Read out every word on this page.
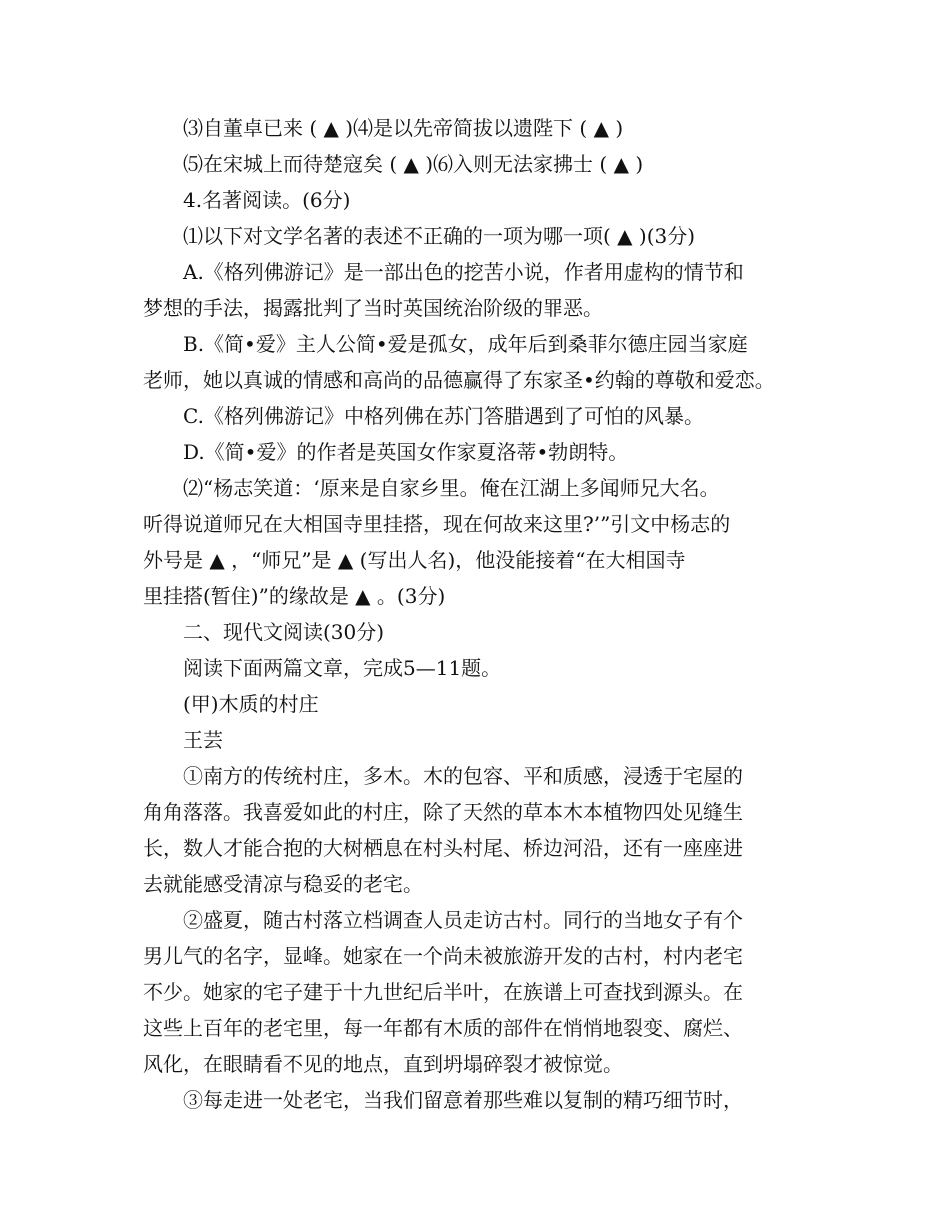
⑶自董卓已来 ( ▲ )⑷是以先帝简拔以遗陛下 ( ▲ )
⑸在宋城上而待楚寇矣 ( ▲ )⑹入则无法家拂士 ( ▲ )
4.名著阅读。(6分)
⑴以下对文学名著的表述不正确的一项为哪一项( ▲ )(3分)
A.《格列佛游记》是一部出色的挖苦小说，作者用虚构的情节和
梦想的手法，揭露批判了当时英国统治阶级的罪恶。
B.《简•爱》主人公简•爱是孤女，成年后到桑菲尔德庄园当家庭
老师，她以真诚的情感和高尚的品德赢得了东家圣•约翰的尊敬和爱恋。
C.《格列佛游记》中格列佛在苏门答腊遇到了可怕的风暴。
D.《简•爱》的作者是英国女作家夏洛蒂•勃朗特。
⑵“杨志笑道：‘原来是自家乡里。俺在江湖上多闻师兄大名。
听得说道师兄在大相国寺里挂搭，现在何故来这里?’”引文中杨志的
外号是 ▲ ，“师兄”是 ▲ (写出人名)，他没能接着“在大相国寺
里挂搭(暂住)”的缘故是 ▲ 。(3分)
二、现代文阅读(30分)
阅读下面两篇文章，完成5—11题。
(甲)木质的村庄
王芸
①南方的传统村庄，多木。木的包容、平和质感，浸透于宅屋的
角角落落。我喜爱如此的村庄，除了天然的草本木本植物四处见缝生
长，数人才能合抱的大树栖息在村头村尾、桥边河沿，还有一座座进
去就能感受清凉与稳妥的老宅。
②盛夏，随古村落立档调查人员走访古村。同行的当地女子有个
男儿气的名字，显峰。她家在一个尚未被旅游开发的古村，村内老宅
不少。她家的宅子建于十九世纪后半叶，在族谱上可查找到源头。在
这些上百年的老宅里，每一年都有木质的部件在悄悄地裂变、腐烂、
风化，在眼睛看不见的地点，直到坍塌碎裂才被惊觉。
③每走进一处老宅，当我们留意着那些难以复制的精巧细节时，
